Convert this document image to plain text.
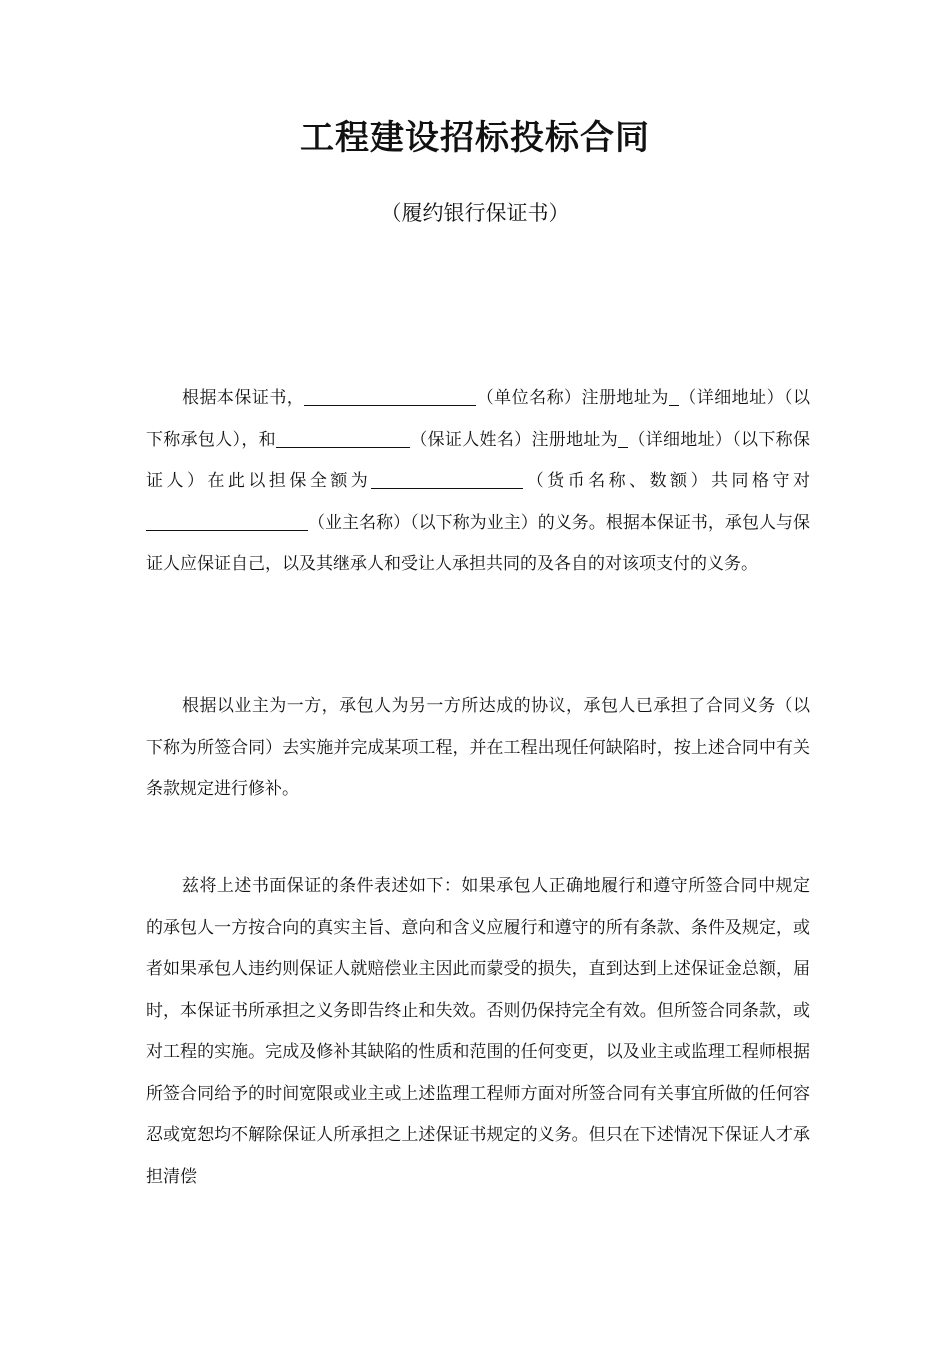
工程建设招标投标合同

（履约银行保证书）

根据本保证书，	（单位名称）注册地址为 （详细地址）（以下称承包人），和	（保证人姓名）注册地址为 （详细地址）（以下称保证人）在此以担保全额为	（货币名称、数额）共同格守对（业主名称）（以下称为业主）的义务。根据本保证书，承包人与保证人应保证自己，以及其继承人和受让人承担共同的及各自的对该项支付的义务。

根据以业主为一方，承包人为另一方所达成的协议，承包人已承担了合同义务（以下称为所签合同）去实施并完成某项工程，并在工程出现任何缺陷时，按上述合同中有关条款规定进行修补。

兹将上述书面保证的条件表述如下：如果承包人正确地履行和遵守所签合同中规定的承包人一方按合向的真实主旨、意向和含义应履行和遵守的所有条款、条件及规定，或者如果承包人违约则保证人就赔偿业主因此而蒙受的损失，直到达到上述保证金总额，届时，本保证书所承担之义务即告终止和失效。否则仍保持完全有效。但所签合同条款，或对工程的实施。完成及修补其缺陷的性质和范围的任何变更，以及业主或监理工程师根据所签合同给予的时间宽限或业主或上述监理工程师方面对所签合同有关事宜所做的任何容忍或宽恕均不解除保证人所承担之上述保证书规定的义务。但只在下述情况下保证人才承担清偿
